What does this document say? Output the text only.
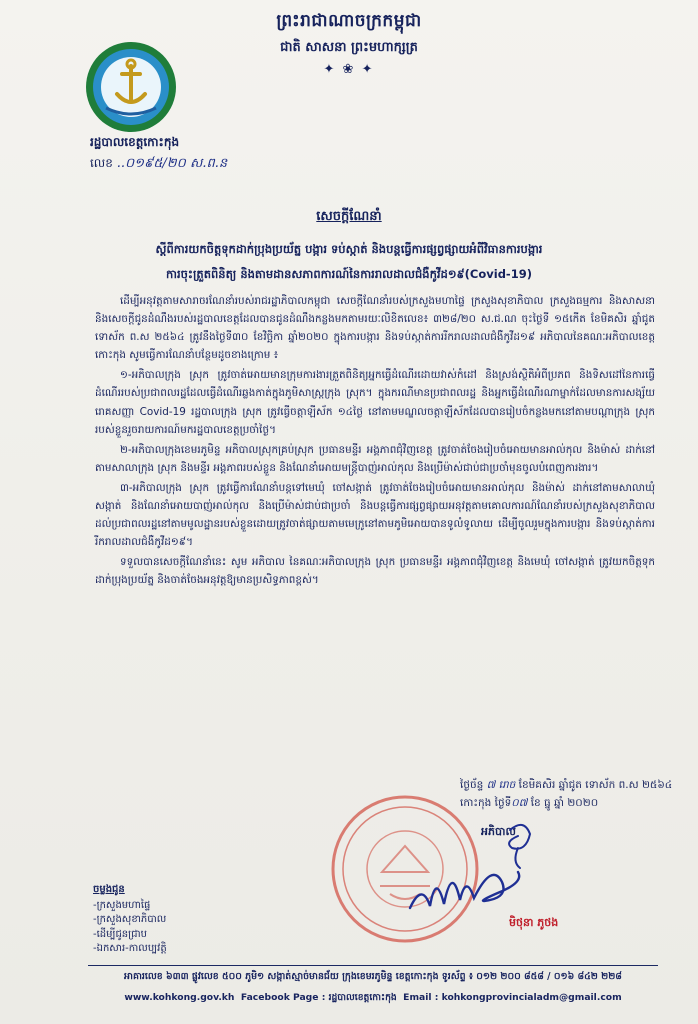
ព្រះរាជាណាចក្រកម្ពុជា
ជាតិ សាសនា ព្រះមហាក្សត្រ
✦ ❀ ✦
រដ្ឋបាលខេត្តកោះកុង
លេខ ..០១៩៥/២០ ស.ព.ន
សេចក្តីណែនាំ
ស្តីពីការយកចិត្តទុកដាក់ប្រុងប្រយ័ត្ន បង្ការ ទប់ស្កាត់ និងបន្តធ្វើការផ្សព្វផ្សាយអំពីវិធានការបង្ការ
ការចុះត្រួតពិនិត្យ និងតាមដានសភាពការណ៍នៃការរាលដាលជំងឺកូវីដ១៩(Covid-19)

ដើម្បីអនុវត្តតាមសារាចរណែនាំរបស់រាជរដ្ឋាភិបាលកម្ពុជា សេចក្តីណែនាំរបស់ក្រសួងមហាផ្ទៃ ក្រសួងសុខាភិបាល ក្រសួងធម្មការ និងសាសនា និងសេចក្តីជូនដំណឹងរបស់រដ្ឋបាលខេត្តដែលបានជូនដំណឹងកន្លងមកតាមរយៈលិខិតលេខ៖ ៣២៨/២០ ស.ជ.ណ ចុះថ្ងៃទី ១៥កើត ខែមិគសិរ ឆ្នាំជូត ទោស័ក ព.ស ២៥៦៤ ត្រូវនឹងថ្ងៃទី៣០ ខែវិច្ឆិកា ឆ្នាំ២០២០ ក្នុងការបង្ការ និងទប់ស្កាត់ការរីករាលដាលជំងឺកូវីដ១៩ អភិបាលនៃគណៈអភិបាលខេត្តកោះកុង សូមធ្វើការណែនាំបន្ថែមដូចខាងក្រោម ៖

១-អភិបាលក្រុង ស្រុក ត្រូវចាត់អោយមានក្រុមការងារត្រួតពិនិត្យអ្នកធ្វើដំណើរដោយវាស់កំដៅ និងស្រង់ស្ថិតិអំពីប្រភព និងទិសដៅនៃការធ្វើដំណើររបស់ប្រជាពលរដ្ឋដែលធ្វើដំណើរឆ្លងកាត់ក្នុងភូមិសាស្ត្រក្រុង ស្រុក។ ក្នុងករណីមានប្រជាពលរដ្ឋ និងអ្នកធ្វើដំណើរណាម្នាក់ដែលមានការសង្ស័យរោគសញ្ញា Covid-19 រដ្ឋបាលក្រុង ស្រុក ត្រូវធ្វើចត្តាឡីស័ក ១៤ថ្ងៃ នៅតាមមណ្ឌលចត្តាឡីស័កដែលបានរៀបចំកន្លងមកនៅតាមបណ្តាក្រុង ស្រុករបស់ខ្លួនរួចរាយការណ៍មករដ្ឋបាលខេត្តប្រចាំថ្ងៃ។

២-អភិបាលក្រុងខេមរភូមិន្ទ អភិបាលស្រុកគ្រប់ស្រុក ប្រធានមន្ទីរ អង្គភាពជុំវិញខេត្ត ត្រូវចាត់ចែងរៀបចំអោយមានអាល់កុល និងម៉ាស់ ដាក់នៅតាមសាលាក្រុង ស្រុក និងមន្ទីរ អង្គភាពរបស់ខ្លួន និងណែនាំអោយមន្ត្រីបាញ់អាល់កុល និងប្រើម៉ាស់ជាប់ជាប្រចាំមុនចូលបំពេញការងារ។

៣-អភិបាលក្រុង ស្រុក ត្រូវធ្វើការណែនាំបន្តទៅមេឃុំ ចៅសង្កាត់ ត្រូវចាត់ចែងរៀបចំអោយមានអាល់កុល និងម៉ាស់ ដាក់នៅតាមសាលាឃុំ សង្កាត់ និងណែនាំអោយបាញ់អាល់កុល និងប្រើម៉ាស់ជាប់ជាប្រចាំ និងបន្តធ្វើការផ្សព្វផ្សាយអនុវត្តតាមគោលការណ៍ណែនាំរបស់ក្រសួងសុខាភិបាល ដល់ប្រជាពលរដ្ឋនៅតាមមូលដ្ឋានរបស់ខ្លួនដោយត្រូវចាត់ផ្សាយតាមមេក្រូនៅតាមភូមិអោយបានទូលំទូលាយ ដើម្បីចូលរួមក្នុងការបង្ការ និងទប់ស្កាត់ការរីករាលដាលជំងឺកូវីដ១៩។

ទទួលបានសេចក្តីណែនាំនេះ សូម អភិបាល នៃគណៈអភិបាលក្រុង ស្រុក ប្រធានមន្ទីរ អង្គភាពជុំវិញខេត្ត និងមេឃុំ ចៅសង្កាត់ ត្រូវយកចិត្តទុកដាក់ប្រុងប្រយ័ត្ន និងចាត់ចែងអនុវត្តឱ្យមានប្រសិទ្ធភាពខ្ពស់។

ថ្ងៃច័ន្ទ ៧ រោច ខែមិគសិរ ឆ្នាំជូត ទោស័ក ព.ស ២៥៦៤
កោះកុង ថ្ងៃទី០៧ ខែ ធ្នូ ឆ្នាំ ២០២០
អភិបាល
មិថុនា ភូថង
ចម្លងជូន
-ក្រសួងមហាផ្ទៃ
-ក្រសួងសុខាភិបាល
-ដើម្បីជូនជ្រាប
-ឯកសារ-កាលប្បវត្តិ
អាគារលេខ ៦៣៣ ផ្លូវលេខ ៥០០ ភូមិ១ សង្កាត់ស្មាច់មានជ័យ ក្រុងខេមរភូមិន្ទ ខេត្តកោះកុង ទូរស័ព្ទ ៖ ០១២ ២០០ ៨៥៨ / ០១៦ ៨៤២ ២២៨
www.kohkong.gov.kh Facebook Page : រដ្ឋបាលខេត្តកោះកុង Email : kohkongprovincialadm@gmail.com
